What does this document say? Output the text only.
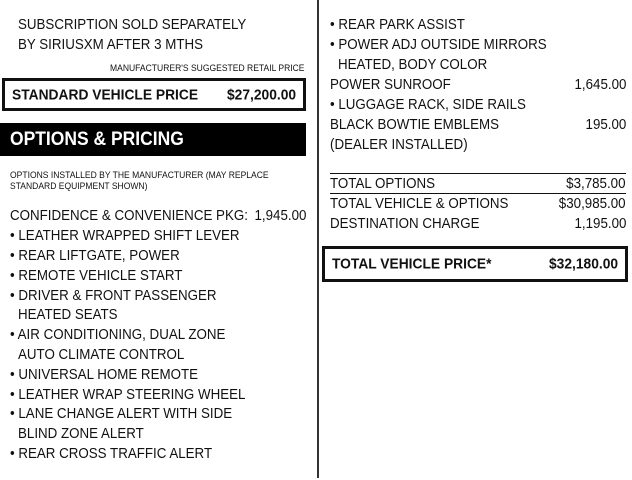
SUBSCRIPTION SOLD SEPARATELY
BY SIRIUSXM AFTER 3 MTHS
MANUFACTURER'S SUGGESTED RETAIL PRICE
STANDARD VEHICLE PRICE $27,200.00
OPTIONS & PRICING
OPTIONS INSTALLED BY THE MANUFACTURER (MAY REPLACE
STANDARD EQUIPMENT SHOWN)
CONFIDENCE & CONVENIENCE PKG: 1,945.00
• LEATHER WRAPPED SHIFT LEVER
• REAR LIFTGATE, POWER
• REMOTE VEHICLE START
• DRIVER & FRONT PASSENGER
HEATED SEATS
• AIR CONDITIONING, DUAL ZONE
AUTO CLIMATE CONTROL
• UNIVERSAL HOME REMOTE
• LEATHER WRAP STEERING WHEEL
• LANE CHANGE ALERT WITH SIDE
BLIND ZONE ALERT
• REAR CROSS TRAFFIC ALERT
• REAR PARK ASSIST
• POWER ADJ OUTSIDE MIRRORS
HEATED, BODY COLOR
POWER SUNROOF	1,645.00
• LUGGAGE RACK, SIDE RAILS
BLACK BOWTIE EMBLEMS	195.00
(DEALER INSTALLED)
TOTAL OPTIONS	$3,785.00
TOTAL VEHICLE & OPTIONS	$30,985.00
DESTINATION CHARGE	1,195.00
TOTAL VEHICLE PRICE*	$32,180.00
